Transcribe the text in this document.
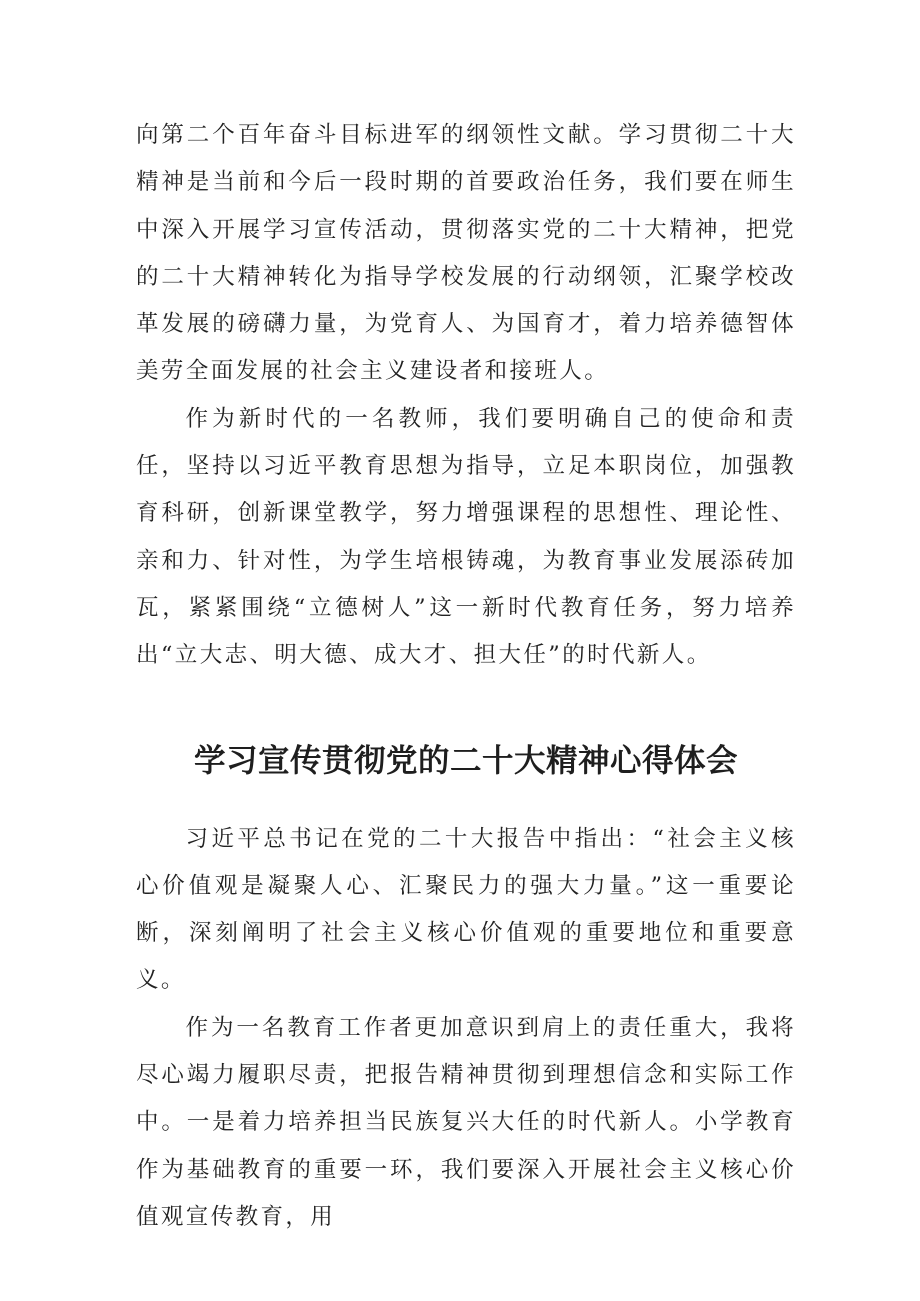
向第二个百年奋斗目标进军的纲领性文献。学习贯彻二十大精神是当前和今后一段时期的首要政治任务，我们要在师生中深入开展学习宣传活动，贯彻落实党的二十大精神，把党的二十大精神转化为指导学校发展的行动纲领，汇聚学校改革发展的磅礴力量，为党育人、为国育才，着力培养德智体美劳全面发展的社会主义建设者和接班人。

作为新时代的一名教师，我们要明确自己的使命和责任，坚持以习近平教育思想为指导，立足本职岗位，加强教育科研，创新课堂教学，努力增强课程的思想性、理论性、亲和力、针对性，为学生培根铸魂，为教育事业发展添砖加瓦，紧紧围绕“立德树人”这一新时代教育任务，努力培养出“立大志、明大德、成大才、担大任”的时代新人。

学习宣传贯彻党的二十大精神心得体会

习近平总书记在党的二十大报告中指出：“社会主义核心价值观是凝聚人心、汇聚民力的强大力量。”这一重要论断，深刻阐明了社会主义核心价值观的重要地位和重要意义。

作为一名教育工作者更加意识到肩上的责任重大，我将尽心竭力履职尽责，把报告精神贯彻到理想信念和实际工作中。一是着力培养担当民族复兴大任的时代新人。小学教育作为基础教育的重要一环，我们要深入开展社会主义核心价值观宣传教育，用
